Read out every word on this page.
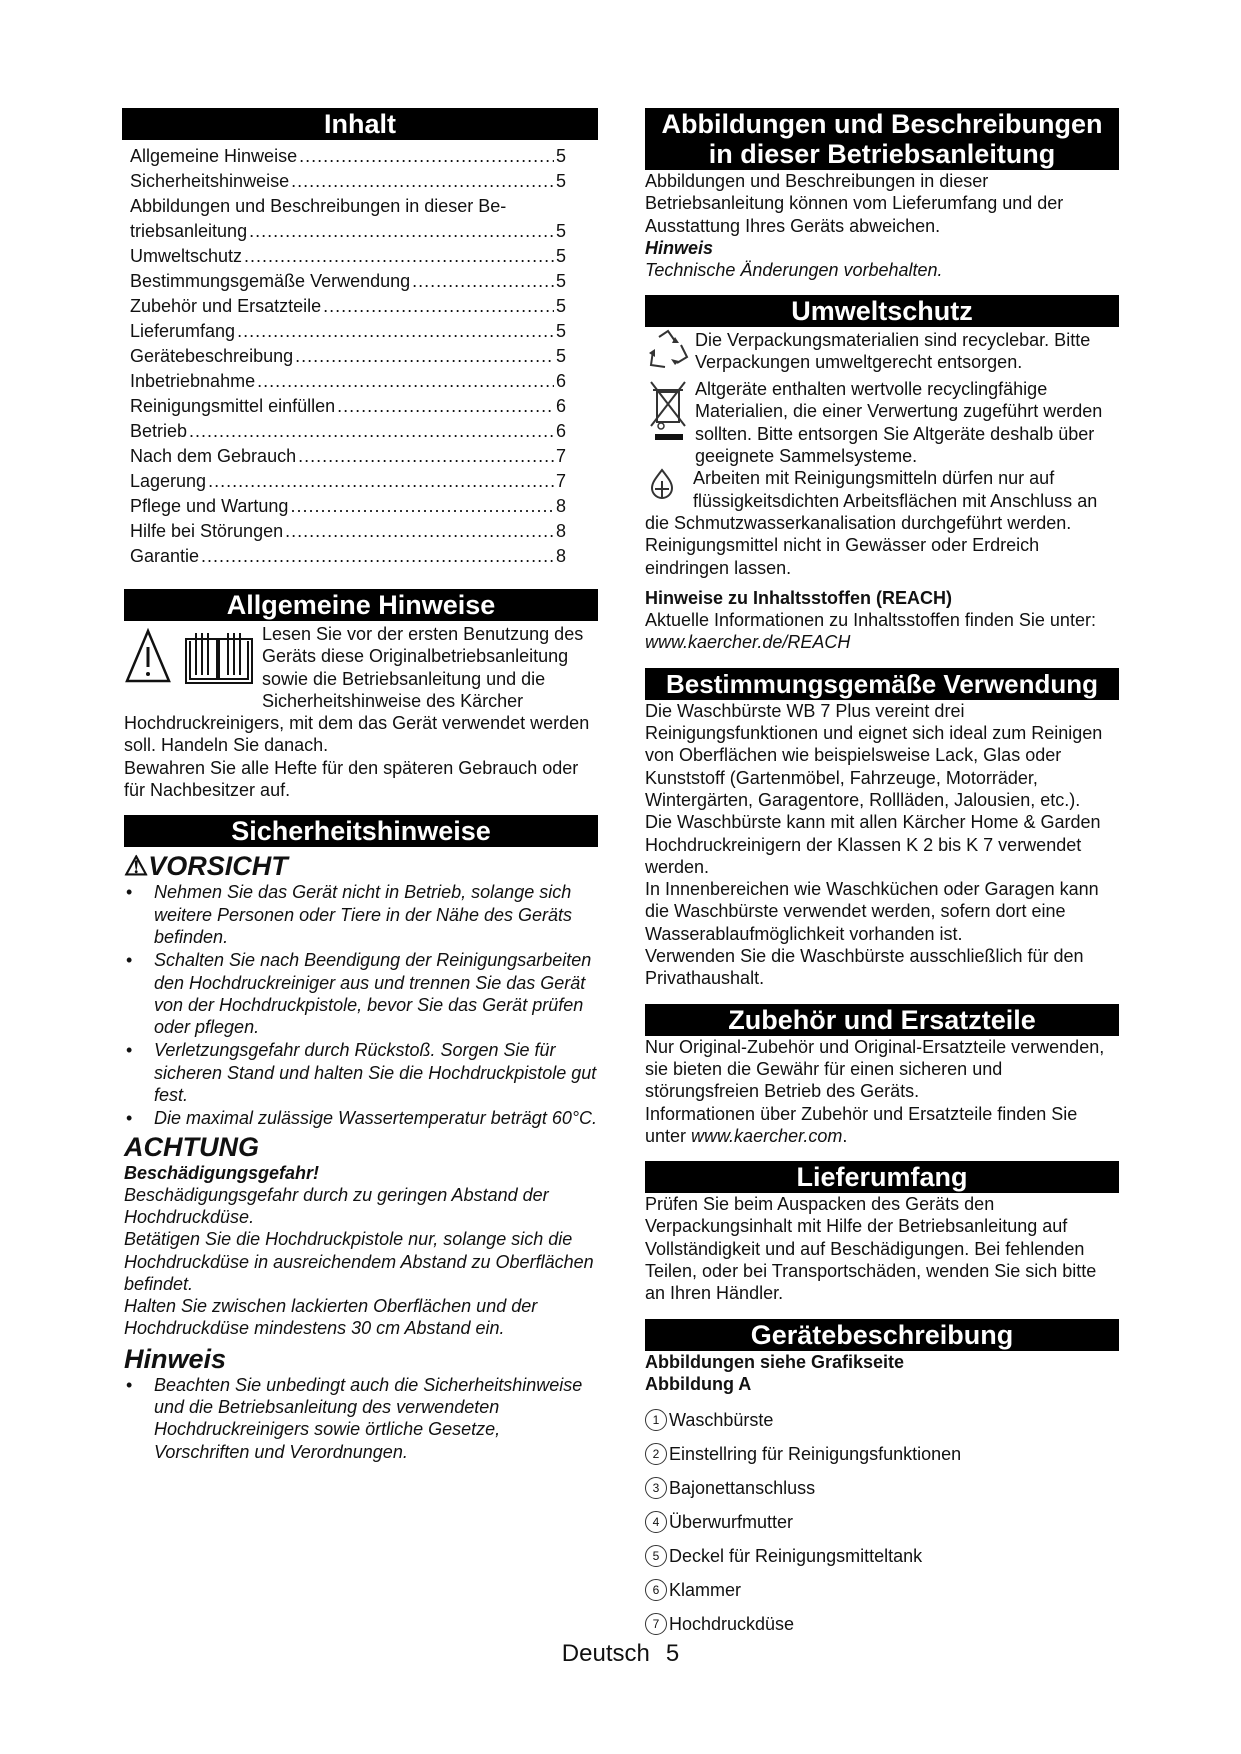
Inhalt
Allgemeine Hinweise .....	5
Sicherheitshinweise .....	5
Abbildungen und Beschreibungen in dieser Be-
triebsanleitung .....	5
Umweltschutz .....	5
Bestimmungsgemäße Verwendung .....	5
Zubehör und Ersatzteile .....	5
Lieferumfang .....	5
Gerätebeschreibung .....	5
Inbetriebnahme .....	6
Reinigungsmittel einfüllen .....	6
Betrieb .....	6
Nach dem Gebrauch .....	7
Lagerung .....	7
Pflege und Wartung .....	8
Hilfe bei Störungen .....	8
Garantie .....	8
Allgemeine Hinweise

Lesen Sie vor der ersten Benutzung des Geräts diese Originalbetriebsanleitung sowie die Betriebsanleitung und die Sicherheitshinweise des Kärcher Hochdruckreinigers, mit dem das Gerät verwendet werden soll. Handeln Sie danach.

Bewahren Sie alle Hefte für den späteren Gebrauch oder für Nachbesitzer auf.

Sicherheitshinweise
⚠VORSICHT
• Nehmen Sie das Gerät nicht in Betrieb, solange sich weitere Personen oder Tiere in der Nähe des Geräts befinden.
• Schalten Sie nach Beendigung der Reinigungsarbeiten den Hochdruckreiniger aus und trennen Sie das Gerät von der Hochdruckpistole, bevor Sie das Gerät prüfen oder pflegen.
• Verletzungsgefahr durch Rückstoß. Sorgen Sie für sicheren Stand und halten Sie die Hochdruckpistole gut fest.
• Die maximal zulässige Wassertemperatur beträgt 60°C.
ACHTUNG

Beschädigungsgefahr!

Beschädigungsgefahr durch zu geringen Abstand der Hochdruckdüse.

Betätigen Sie die Hochdruckpistole nur, solange sich die Hochdruckdüse in ausreichendem Abstand zu Oberflächen befindet.

Halten Sie zwischen lackierten Oberflächen und der Hochdruckdüse mindestens 30 cm Abstand ein.

Hinweis
• Beachten Sie unbedingt auch die Sicherheitshinweise und die Betriebsanleitung des verwendeten Hochdruckreinigers sowie örtliche Gesetze, Vorschriften und Verordnungen.
Abbildungen und Beschreibungen
in dieser Betriebsanleitung

Abbildungen und Beschreibungen in dieser Betriebsanleitung können vom Lieferumfang und der Ausstattung Ihres Geräts abweichen.

Hinweis

Technische Änderungen vorbehalten.

Umweltschutz

Die Verpackungsmaterialien sind recyclebar. Bitte Verpackungen umweltgerecht entsorgen.

Altgeräte enthalten wertvolle recyclingfähige Materialien, die einer Verwertung zugeführt werden sollten. Bitte entsorgen Sie Altgeräte deshalb über geeignete Sammelsysteme.

Arbeiten mit Reinigungsmitteln dürfen nur auf flüssigkeitsdichten Arbeitsflächen mit Anschluss an die Schmutzwasserkanalisation durchgeführt werden. Reinigungsmittel nicht in Gewässer oder Erdreich eindringen lassen.

Hinweise zu Inhaltsstoffen (REACH)

Aktuelle Informationen zu Inhaltsstoffen finden Sie unter: www.kaercher.de/REACH

Bestimmungsgemäße Verwendung

Die Waschbürste WB 7 Plus vereint drei Reinigungsfunktionen und eignet sich ideal zum Reinigen von Oberflächen wie beispielsweise Lack, Glas oder Kunststoff (Gartenmöbel, Fahrzeuge, Motorräder, Wintergärten, Garagentore, Rollläden, Jalousien, etc.).

Die Waschbürste kann mit allen Kärcher Home & Garden Hochdruckreinigern der Klassen K 2 bis K 7 verwendet werden.

In Innenbereichen wie Waschküchen oder Garagen kann die Waschbürste verwendet werden, sofern dort eine Wasserablaufmöglichkeit vorhanden ist.

Verwenden Sie die Waschbürste ausschließlich für den Privathaushalt.

Zubehör und Ersatzteile

Nur Original-Zubehör und Original-Ersatzteile verwenden, sie bieten die Gewähr für einen sicheren und störungsfreien Betrieb des Geräts.

Informationen über Zubehör und Ersatzteile finden Sie unter www.kaercher.com.

Lieferumfang

Prüfen Sie beim Auspacken des Geräts den Verpackungsinhalt mit Hilfe der Betriebsanleitung auf Vollständigkeit und auf Beschädigungen. Bei fehlenden Teilen, oder bei Transportschäden, wenden Sie sich bitte an Ihren Händler.

Gerätebeschreibung

Abbildungen siehe Grafikseite

Abbildung A

1 Waschbürste
2 Einstellring für Reinigungsfunktionen
3 Bajonettanschluss
4 Überwurfmutter
5 Deckel für Reinigungsmitteltank
6 Klammer
7 Hochdruckdüse
Deutsch 5
